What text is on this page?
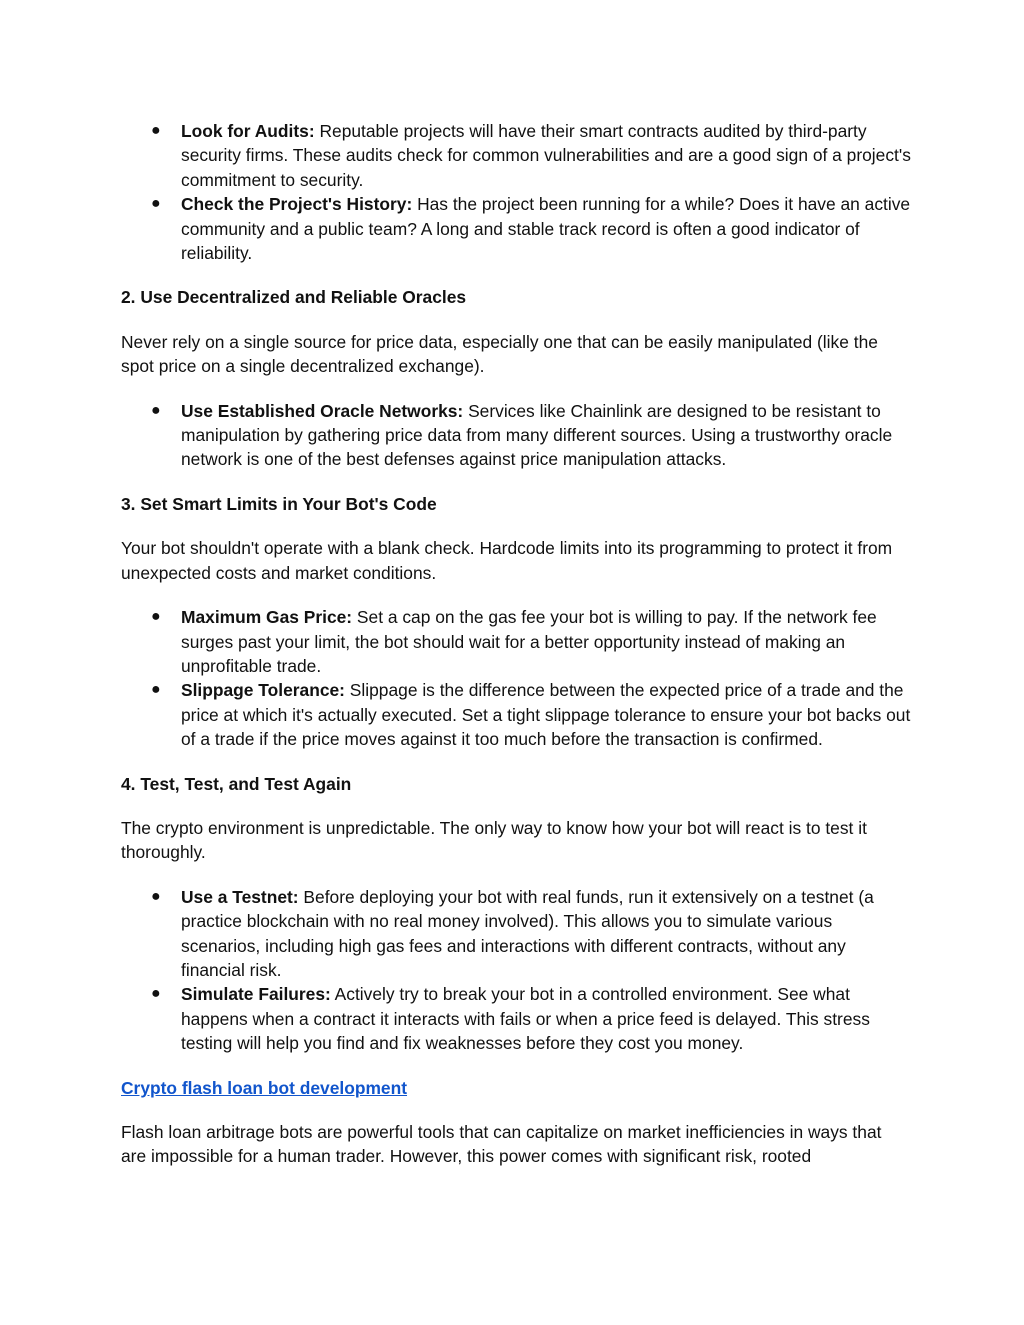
● Look for Audits: Reputable projects will have their smart contracts audited by third-party security firms. These audits check for common vulnerabilities and are a good sign of a project's commitment to security.
● Check the Project's History: Has the project been running for a while? Does it have an active community and a public team? A long and stable track record is often a good indicator of reliability.
2. Use Decentralized and Reliable Oracles

Never rely on a single source for price data, especially one that can be easily manipulated (like the spot price on a single decentralized exchange).

● Use Established Oracle Networks: Services like Chainlink are designed to be resistant to manipulation by gathering price data from many different sources. Using a trustworthy oracle network is one of the best defenses against price manipulation attacks.
3. Set Smart Limits in Your Bot's Code

Your bot shouldn't operate with a blank check. Hardcode limits into its programming to protect it from unexpected costs and market conditions.

● Maximum Gas Price: Set a cap on the gas fee your bot is willing to pay. If the network fee surges past your limit, the bot should wait for a better opportunity instead of making an unprofitable trade.
● Slippage Tolerance: Slippage is the difference between the expected price of a trade and the price at which it's actually executed. Set a tight slippage tolerance to ensure your bot backs out of a trade if the price moves against it too much before the transaction is confirmed.
4. Test, Test, and Test Again

The crypto environment is unpredictable. The only way to know how your bot will react is to test it thoroughly.

● Use a Testnet: Before deploying your bot with real funds, run it extensively on a testnet (a practice blockchain with no real money involved). This allows you to simulate various scenarios, including high gas fees and interactions with different contracts, without any financial risk.
● Simulate Failures: Actively try to break your bot in a controlled environment. See what happens when a contract it interacts with fails or when a price feed is delayed. This stress testing will help you find and fix weaknesses before they cost you money.

Crypto flash loan bot development

Flash loan arbitrage bots are powerful tools that can capitalize on market inefficiencies in ways that are impossible for a human trader. However, this power comes with significant risk, rooted
